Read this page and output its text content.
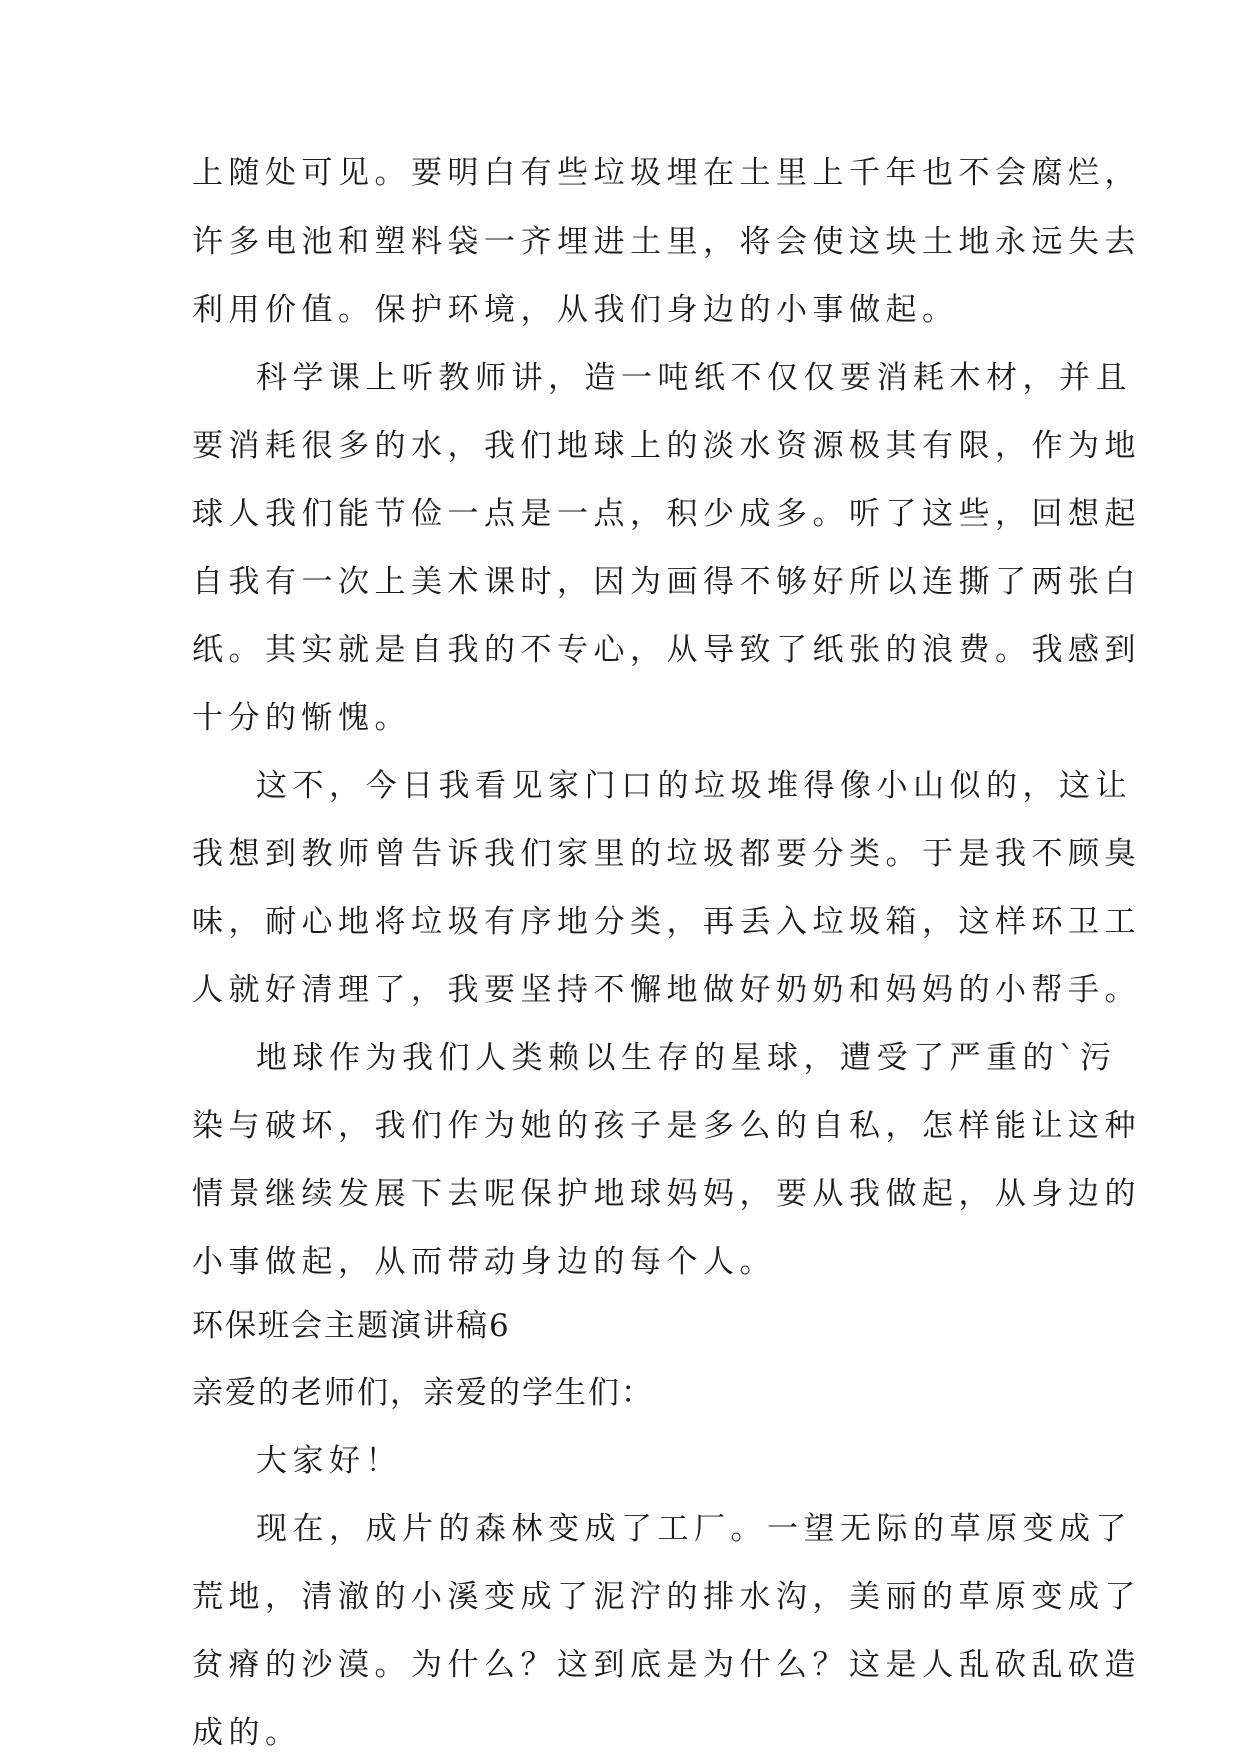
上随处可见。要明白有些垃圾埋在土里上千年也不会腐烂，
许多电池和塑料袋一齐埋进土里，将会使这块土地永远失去
利用价值。保护环境，从我们身边的小事做起。
科学课上听教师讲，造一吨纸不仅仅要消耗木材，并且
要消耗很多的水，我们地球上的淡水资源极其有限，作为地
球人我们能节俭一点是一点，积少成多。听了这些，回想起
自我有一次上美术课时，因为画得不够好所以连撕了两张白
纸。其实就是自我的不专心，从导致了纸张的浪费。我感到
十分的惭愧。
这不，今日我看见家门口的垃圾堆得像小山似的，这让
我想到教师曾告诉我们家里的垃圾都要分类。于是我不顾臭
味，耐心地将垃圾有序地分类，再丢入垃圾箱，这样环卫工
人就好清理了，我要坚持不懈地做好奶奶和妈妈的小帮手。
地球作为我们人类赖以生存的星球，遭受了严重的`污
染与破坏，我们作为她的孩子是多么的自私，怎样能让这种
情景继续发展下去呢保护地球妈妈，要从我做起，从身边的
小事做起，从而带动身边的每个人。
环保班会主题演讲稿6
亲爱的老师们，亲爱的学生们：
大家好！
现在，成片的森林变成了工厂。一望无际的草原变成了
荒地，清澈的小溪变成了泥泞的排水沟，美丽的草原变成了
贫瘠的沙漠。为什么？这到底是为什么？这是人乱砍乱砍造
成的。
